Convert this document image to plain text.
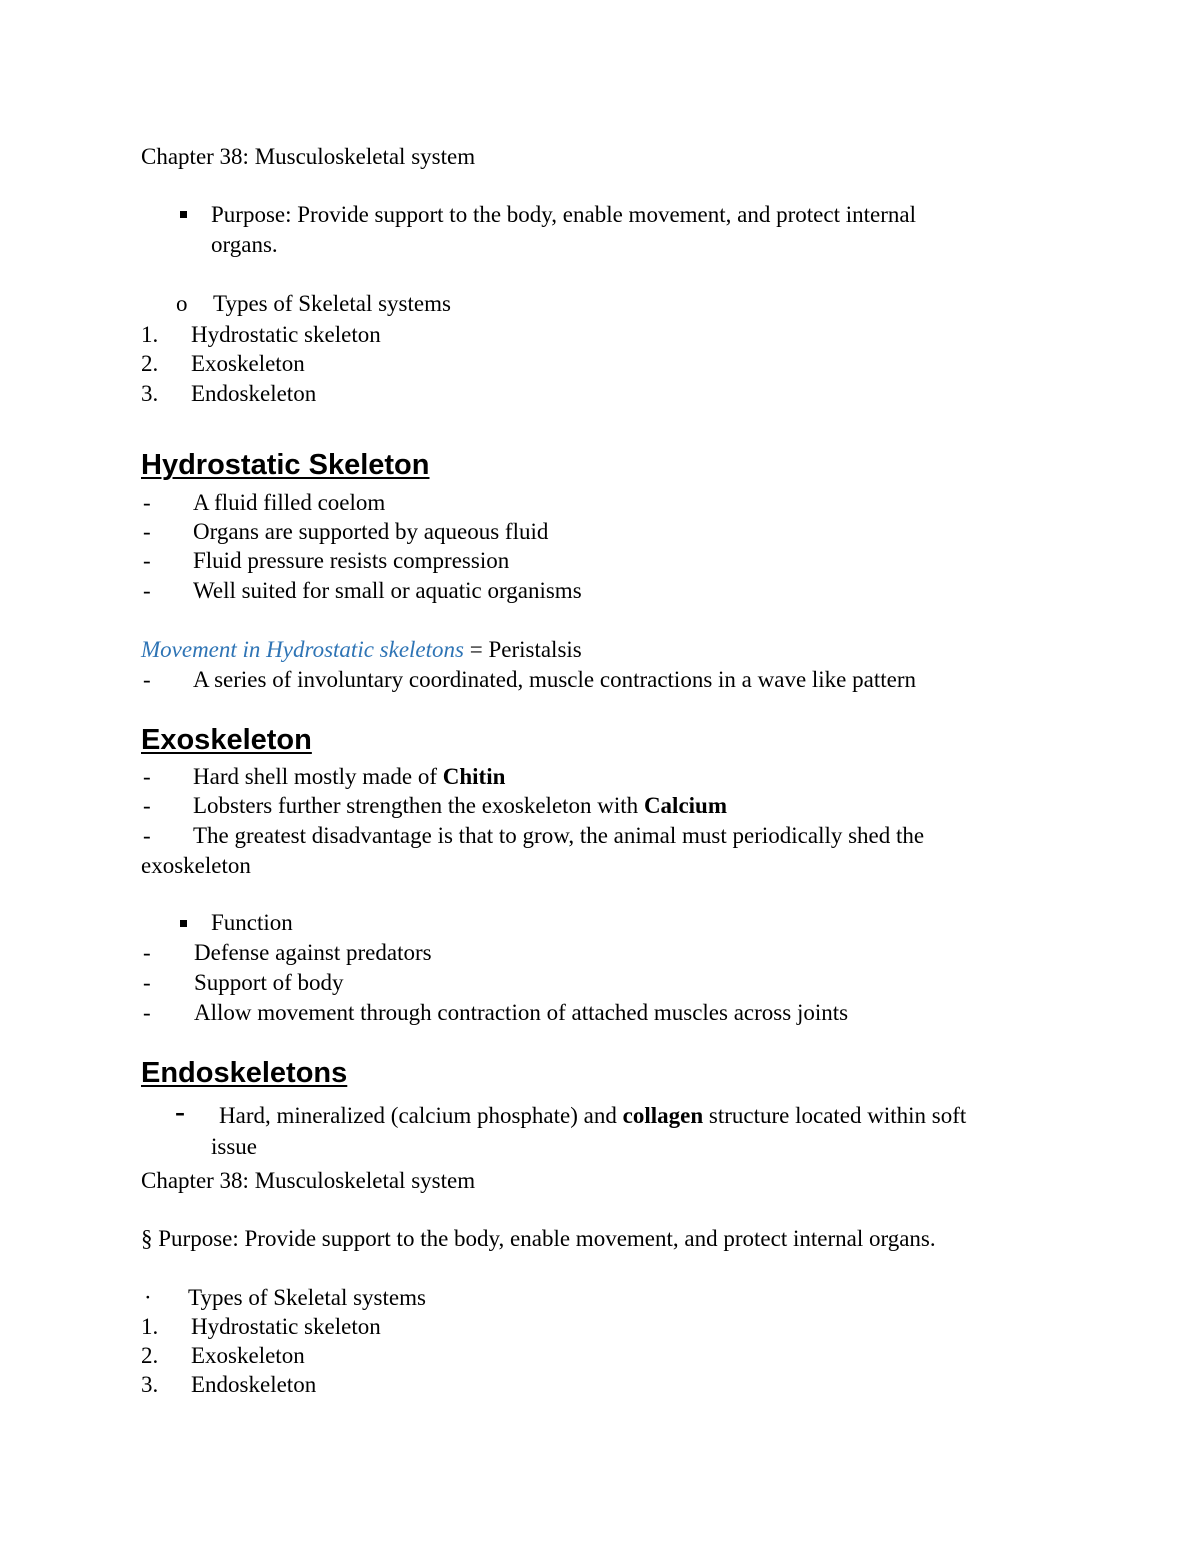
Chapter 38: Musculoskeletal system
Purpose: Provide support to the body, enable movement, and protect internal
organs.
o Types of Skeletal systems
1. Hydrostatic skeleton
2. Exoskeleton
3. Endoskeleton
Hydrostatic Skeleton
- A fluid filled coelom
- Organs are supported by aqueous fluid
- Fluid pressure resists compression
- Well suited for small or aquatic organisms
Movement in Hydrostatic skeletons = Peristalsis
- A series of involuntary coordinated, muscle contractions in a wave like pattern
Exoskeleton
- Hard shell mostly made of Chitin
- Lobsters further strengthen the exoskeleton with Calcium
- The greatest disadvantage is that to grow, the animal must periodically shed the
exoskeleton
Function
- Defense against predators
- Support of body
- Allow movement through contraction of attached muscles across joints
Endoskeletons
- Hard, mineralized (calcium phosphate) and collagen structure located within soft
issue
Chapter 38: Musculoskeletal system
§ Purpose: Provide support to the body, enable movement, and protect internal organs.
· Types of Skeletal systems
1. Hydrostatic skeleton
2. Exoskeleton
3. Endoskeleton
